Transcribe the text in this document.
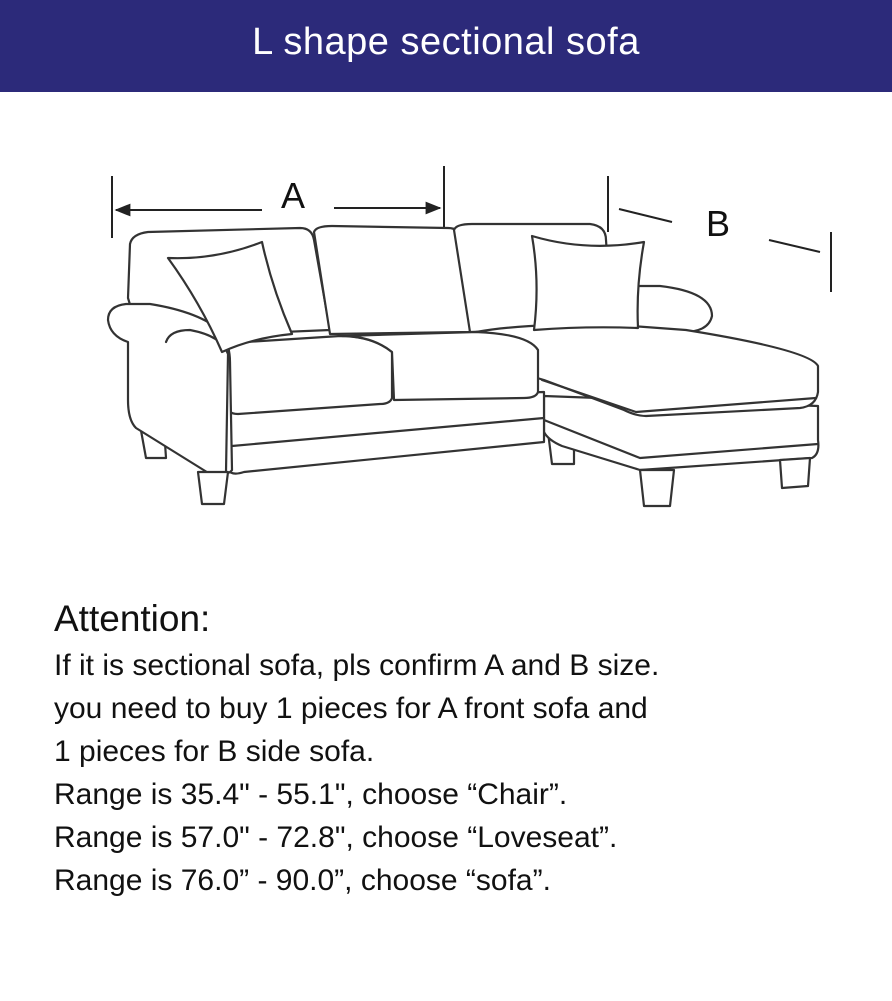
L shape sectional sofa
A
B
Attention:

If it is sectional sofa, pls confirm A and B size.

you need to buy 1 pieces for A front sofa and

1 pieces for B side sofa.

Range is 35.4" - 55.1", choose “Chair”.

Range is 57.0" - 72.8", choose “Loveseat”.

Range is 76.0” - 90.0”, choose “sofa”.
